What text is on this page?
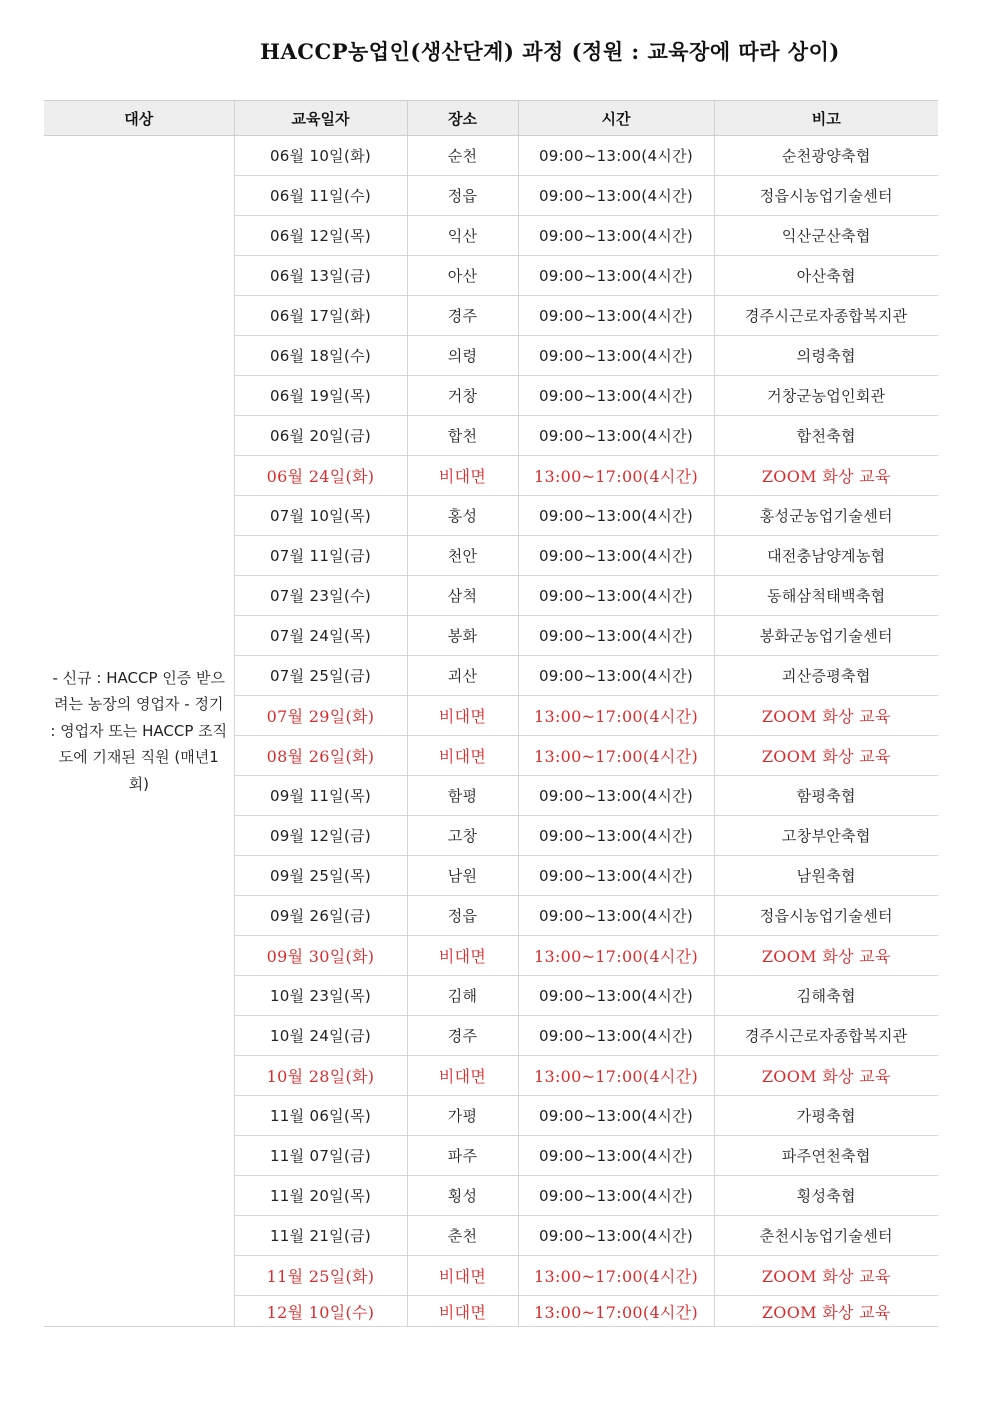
HACCP농업인(생산단계) 과정 (정원 : 교육장에 따라 상이)
대상	교육일자	장소	시간	비고
- 신규 : HACCP 인증 받으려는 농장의 영업자 - 정기 : 영업자 또는 HACCP 조직도에 기재된 직원 (매년1회)	06월 10일(화)	순천	09:00~13:00(4시간)	순천광양축협
	06월 11일(수)	정읍	09:00~13:00(4시간)	정읍시농업기술센터
	06월 12일(목)	익산	09:00~13:00(4시간)	익산군산축협
	06월 13일(금)	아산	09:00~13:00(4시간)	아산축협
	06월 17일(화)	경주	09:00~13:00(4시간)	경주시근로자종합복지관
	06월 18일(수)	의령	09:00~13:00(4시간)	의령축협
	06월 19일(목)	거창	09:00~13:00(4시간)	거창군농업인회관
	06월 20일(금)	합천	09:00~13:00(4시간)	합천축협
	06월 24일(화)	비대면	13:00~17:00(4시간)	ZOOM 화상 교육
	07월 10일(목)	홍성	09:00~13:00(4시간)	홍성군농업기술센터
	07월 11일(금)	천안	09:00~13:00(4시간)	대전충남양계농협
	07월 23일(수)	삼척	09:00~13:00(4시간)	동해삼척태백축협
	07월 24일(목)	봉화	09:00~13:00(4시간)	봉화군농업기술센터
	07월 25일(금)	괴산	09:00~13:00(4시간)	괴산증평축협
	07월 29일(화)	비대면	13:00~17:00(4시간)	ZOOM 화상 교육
	08월 26일(화)	비대면	13:00~17:00(4시간)	ZOOM 화상 교육
	09월 11일(목)	함평	09:00~13:00(4시간)	함평축협
	09월 12일(금)	고창	09:00~13:00(4시간)	고창부안축협
	09월 25일(목)	남원	09:00~13:00(4시간)	남원축협
	09월 26일(금)	정읍	09:00~13:00(4시간)	정읍시농업기술센터
	09월 30일(화)	비대면	13:00~17:00(4시간)	ZOOM 화상 교육
	10월 23일(목)	김해	09:00~13:00(4시간)	김해축협
	10월 24일(금)	경주	09:00~13:00(4시간)	경주시근로자종합복지관
	10월 28일(화)	비대면	13:00~17:00(4시간)	ZOOM 화상 교육
	11월 06일(목)	가평	09:00~13:00(4시간)	가평축협
	11월 07일(금)	파주	09:00~13:00(4시간)	파주연천축협
	11월 20일(목)	횡성	09:00~13:00(4시간)	횡성축협
	11월 21일(금)	춘천	09:00~13:00(4시간)	춘천시농업기술센터
	11월 25일(화)	비대면	13:00~17:00(4시간)	ZOOM 화상 교육
	12월 10일(수)	비대면	13:00~17:00(4시간)	ZOOM 화상 교육
